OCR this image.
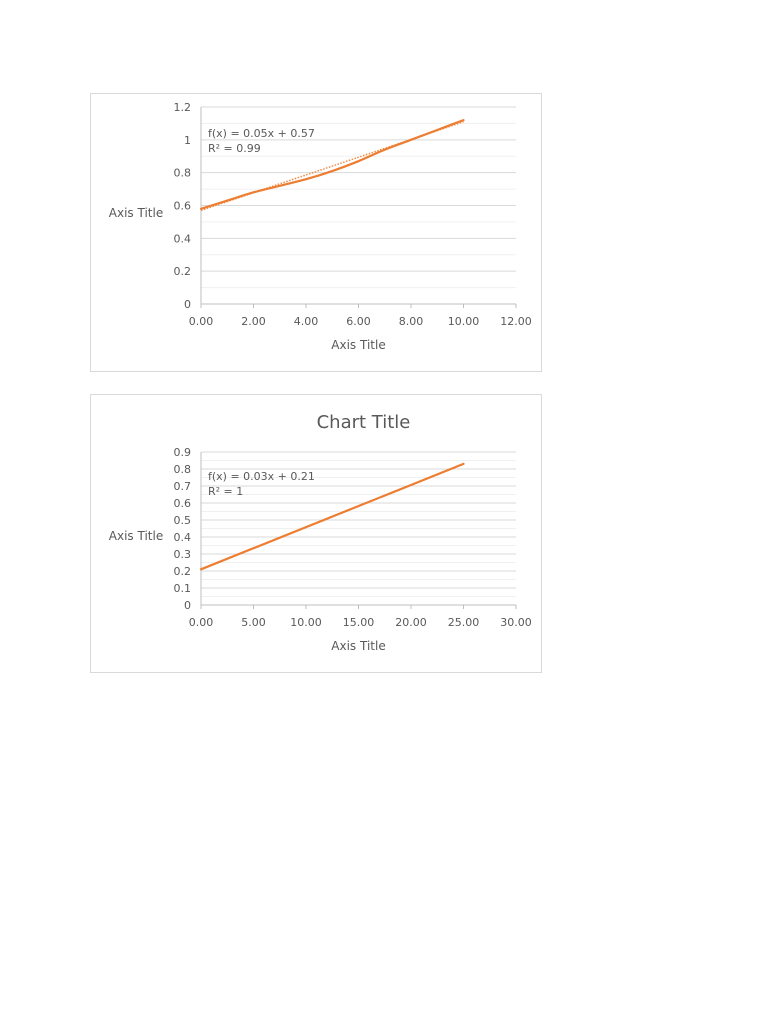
0
0.2
0.4
0.6
0.8
1
1.2
0.00	2.00	4.00	6.00	8.00 10.00 12.00
Axis Title
Axis Title
f(x) = 0.05x + 0.57
R² = 0.99
Chart Title
0
0.1
0.2
0.3
0.4
0.5
0.6
0.7
0.8
0.9
0.00	5.00 10.00 15.00 20.00 25.00 30.00
Axis Title
Axis Title
f(x) = 0.03x + 0.21
R² = 1
